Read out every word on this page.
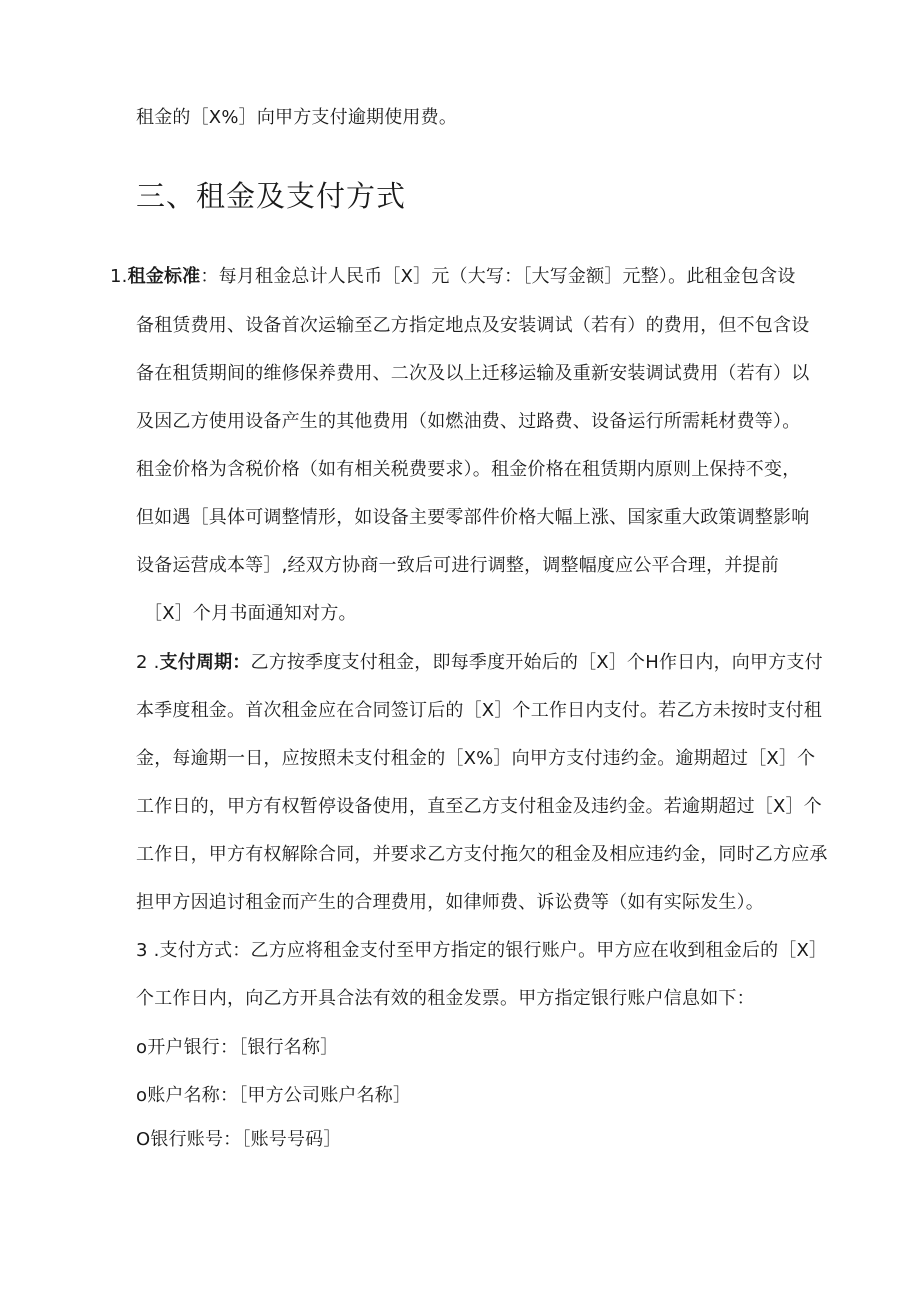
租金的［X%］向甲方支付逾期使用费。
三、租金及支付方式
1.租金标准：每月租金总计人民币［X］元（大写：［大写金额］元整）。此租金包含设
备租赁费用、设备首次运输至乙方指定地点及安装调试（若有）的费用，但不包含设
备在租赁期间的维修保养费用、二次及以上迁移运输及重新安装调试费用（若有）以
及因乙方使用设备产生的其他费用（如燃油费、过路费、设备运行所需耗材费等）。
租金价格为含税价格（如有相关税费要求）。租金价格在租赁期内原则上保持不变，
但如遇［具体可调整情形，如设备主要零部件价格大幅上涨、国家重大政策调整影响
设备运营成本等］,经双方协商一致后可进行调整，调整幅度应公平合理，并提前
［X］个月书面通知对方。
2 .支付周期：乙方按季度支付租金，即每季度开始后的［X］个H作日内，向甲方支付
本季度租金。首次租金应在合同签订后的［X］个工作日内支付。若乙方未按时支付租
金，每逾期一日，应按照未支付租金的［X%］向甲方支付违约金。逾期超过［X］个
工作日的，甲方有权暂停设备使用，直至乙方支付租金及违约金。若逾期超过［X］个
工作日，甲方有权解除合同，并要求乙方支付拖欠的租金及相应违约金，同时乙方应承
担甲方因追讨租金而产生的合理费用，如律师费、诉讼费等（如有实际发生）。
3 .支付方式：乙方应将租金支付至甲方指定的银行账户。甲方应在收到租金后的［X］
个工作日内，向乙方开具合法有效的租金发票。甲方指定银行账户信息如下：
o开户银行：［银行名称］
o账户名称：［甲方公司账户名称］
O银行账号：［账号号码］
